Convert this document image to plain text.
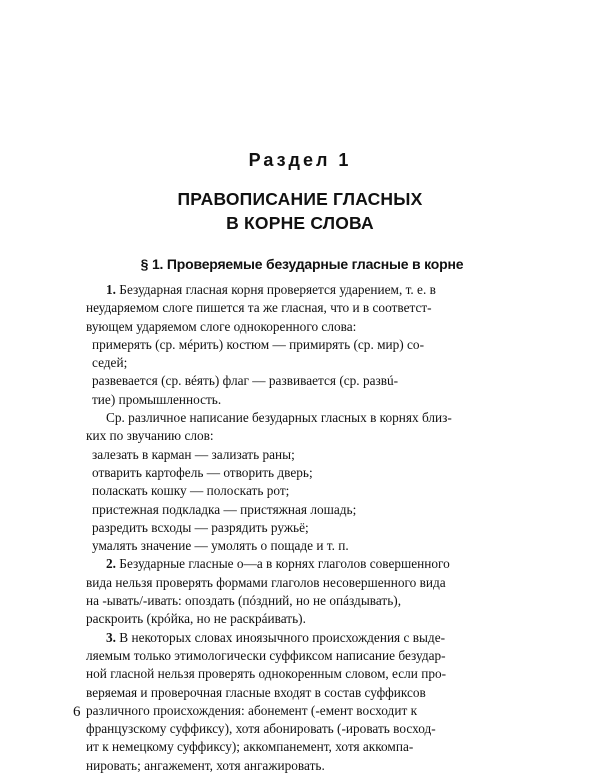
Раздел 1
ПРАВОПИСАНИЕ ГЛАСНЫХ
В КОРНЕ СЛОВА
§ 1. Проверяемые безударные гласные в корне
1. Безударная гласная корня проверяется ударением, т. е. в
неударяемом слоге пишется та же гласная, что и в соответст-
вующем ударяемом слоге однокоренного слова:
примерять (ср. мéрить) костюм — примирять (ср. мир) со-
седей;
развевается (ср. вéять) флаг — развивается (ср. развú-
тие) промышленность.
Ср. различное написание безударных гласных в корнях близ-
ких по звучанию слов:
залезать в карман — зализать раны;
отварить картофель — отворить дверь;
поласкать кошку — полоскать рот;
пристежная подкладка — пристяжная лошадь;
разредить всходы — разрядить ружьё;
умалять значение — умолять о пощаде и т. п.
2. Безударные гласные о—а в корнях глаголов совершенного
вида нельзя проверять формами глаголов несовершенного вида
на -ывать/-ивать: опоздать (пóздний, но не опáздывать),
раскроить (крóйка, но не раскрáивать).
3. В некоторых словах иноязычного происхождения с выде-
ляемым только этимологически суффиксом написание безудар-
ной гласной нельзя проверять однокоренным словом, если про-
веряемая и проверочная гласные входят в состав суффиксов
различного происхождения: абонемент (-емент восходит к
французскому суффиксу), хотя абонировать (-ировать восход-
ит к немецкому суффиксу); аккомпанемент, хотя аккомпа-
нировать; ангажемент, хотя ангажировать.
6
